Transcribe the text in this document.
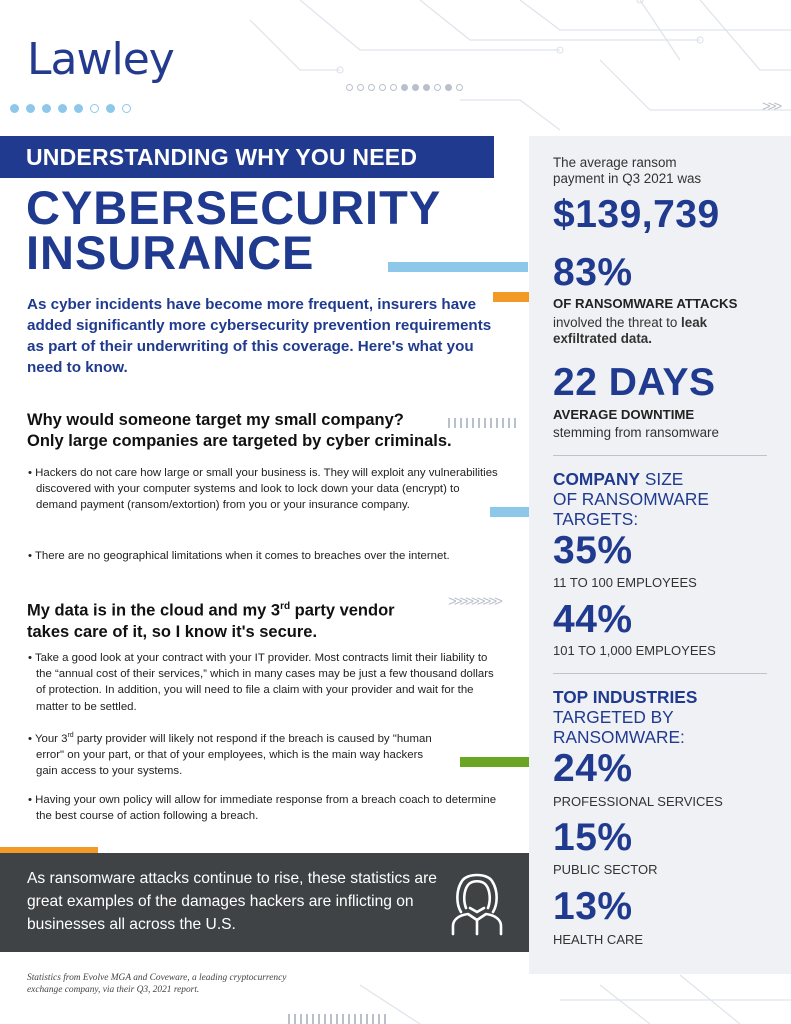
Lawley
>>>
UNDERSTANDING WHY YOU NEED
CYBERSECURITY
INSURANCE
As cyber incidents have become more frequent, insurers have added significantly more cybersecurity prevention requirements as part of their underwriting of this coverage. Here's what you need to know.
>>>>>>>>>
Why would someone target my small company?
Only large companies are targeted by cyber criminals.
• Hackers do not care how large or small your business is. They will exploit any vulnerabilities discovered with your computer systems and look to lock down your data (encrypt) to demand payment (ransom/extortion) from you or your insurance company.
• There are no geographical limitations when it comes to breaches over the internet.
My data is in the cloud and my 3rd party vendor
takes care of it, so I know it's secure.
• Take a good look at your contract with your IT provider. Most contracts limit their liability to the “annual cost of their services,” which in many cases may be just a few thousand dollars of protection. In addition, you will need to file a claim with your provider and wait for the matter to be settled.
• Your 3rd party provider will likely not respond if the breach is caused by "human error" on your part, or that of your employees, which is the main way hackers gain access to your systems.
• Having your own policy will allow for immediate response from a breach coach to determine the best course of action following a breach.
As ransomware attacks continue to rise, these statistics are great examples of the damages hackers are inflicting on businesses all across the U.S.
Statistics from Evolve MGA and Coveware, a leading cryptocurrency exchange company, via their Q3, 2021 report.
The average ransom
payment in Q3 2021 was
$139,739
83%
OF RANSOMWARE ATTACKS
involved the threat to leak
exfiltrated data.
22 DAYS
AVERAGE DOWNTIME
stemming from ransomware
COMPANY SIZE
OF RANSOMWARE
TARGETS:
35%
11 TO 100 EMPLOYEES
44%
101 TO 1,000 EMPLOYEES
TOP INDUSTRIES
TARGETED BY
RANSOMWARE:
24%
PROFESSIONAL SERVICES
15%
PUBLIC SECTOR
13%
HEALTH CARE
